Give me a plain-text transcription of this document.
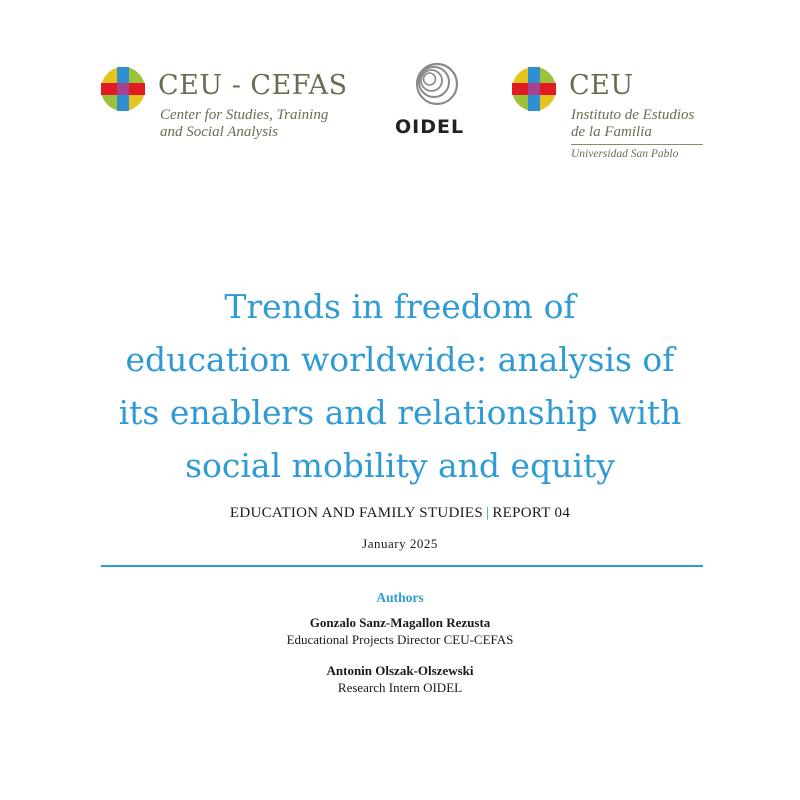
CEU - CEFAS
Center for Studies, Training
and Social Analysis	OIDEL
CEU
Instituto de Estudios
de la Familia
Universidad San Pablo
Trends in freedom of
education worldwide: analysis of
its enablers and relationship with
social mobility and equity
EDUCATION AND FAMILY STUDIES | REPORT 04
January 2025
Authors
Gonzalo Sanz-Magallon Rezusta
Educational Projects Director CEU-CEFAS
Antonin Olszak-Olszewski
Research Intern OIDEL
